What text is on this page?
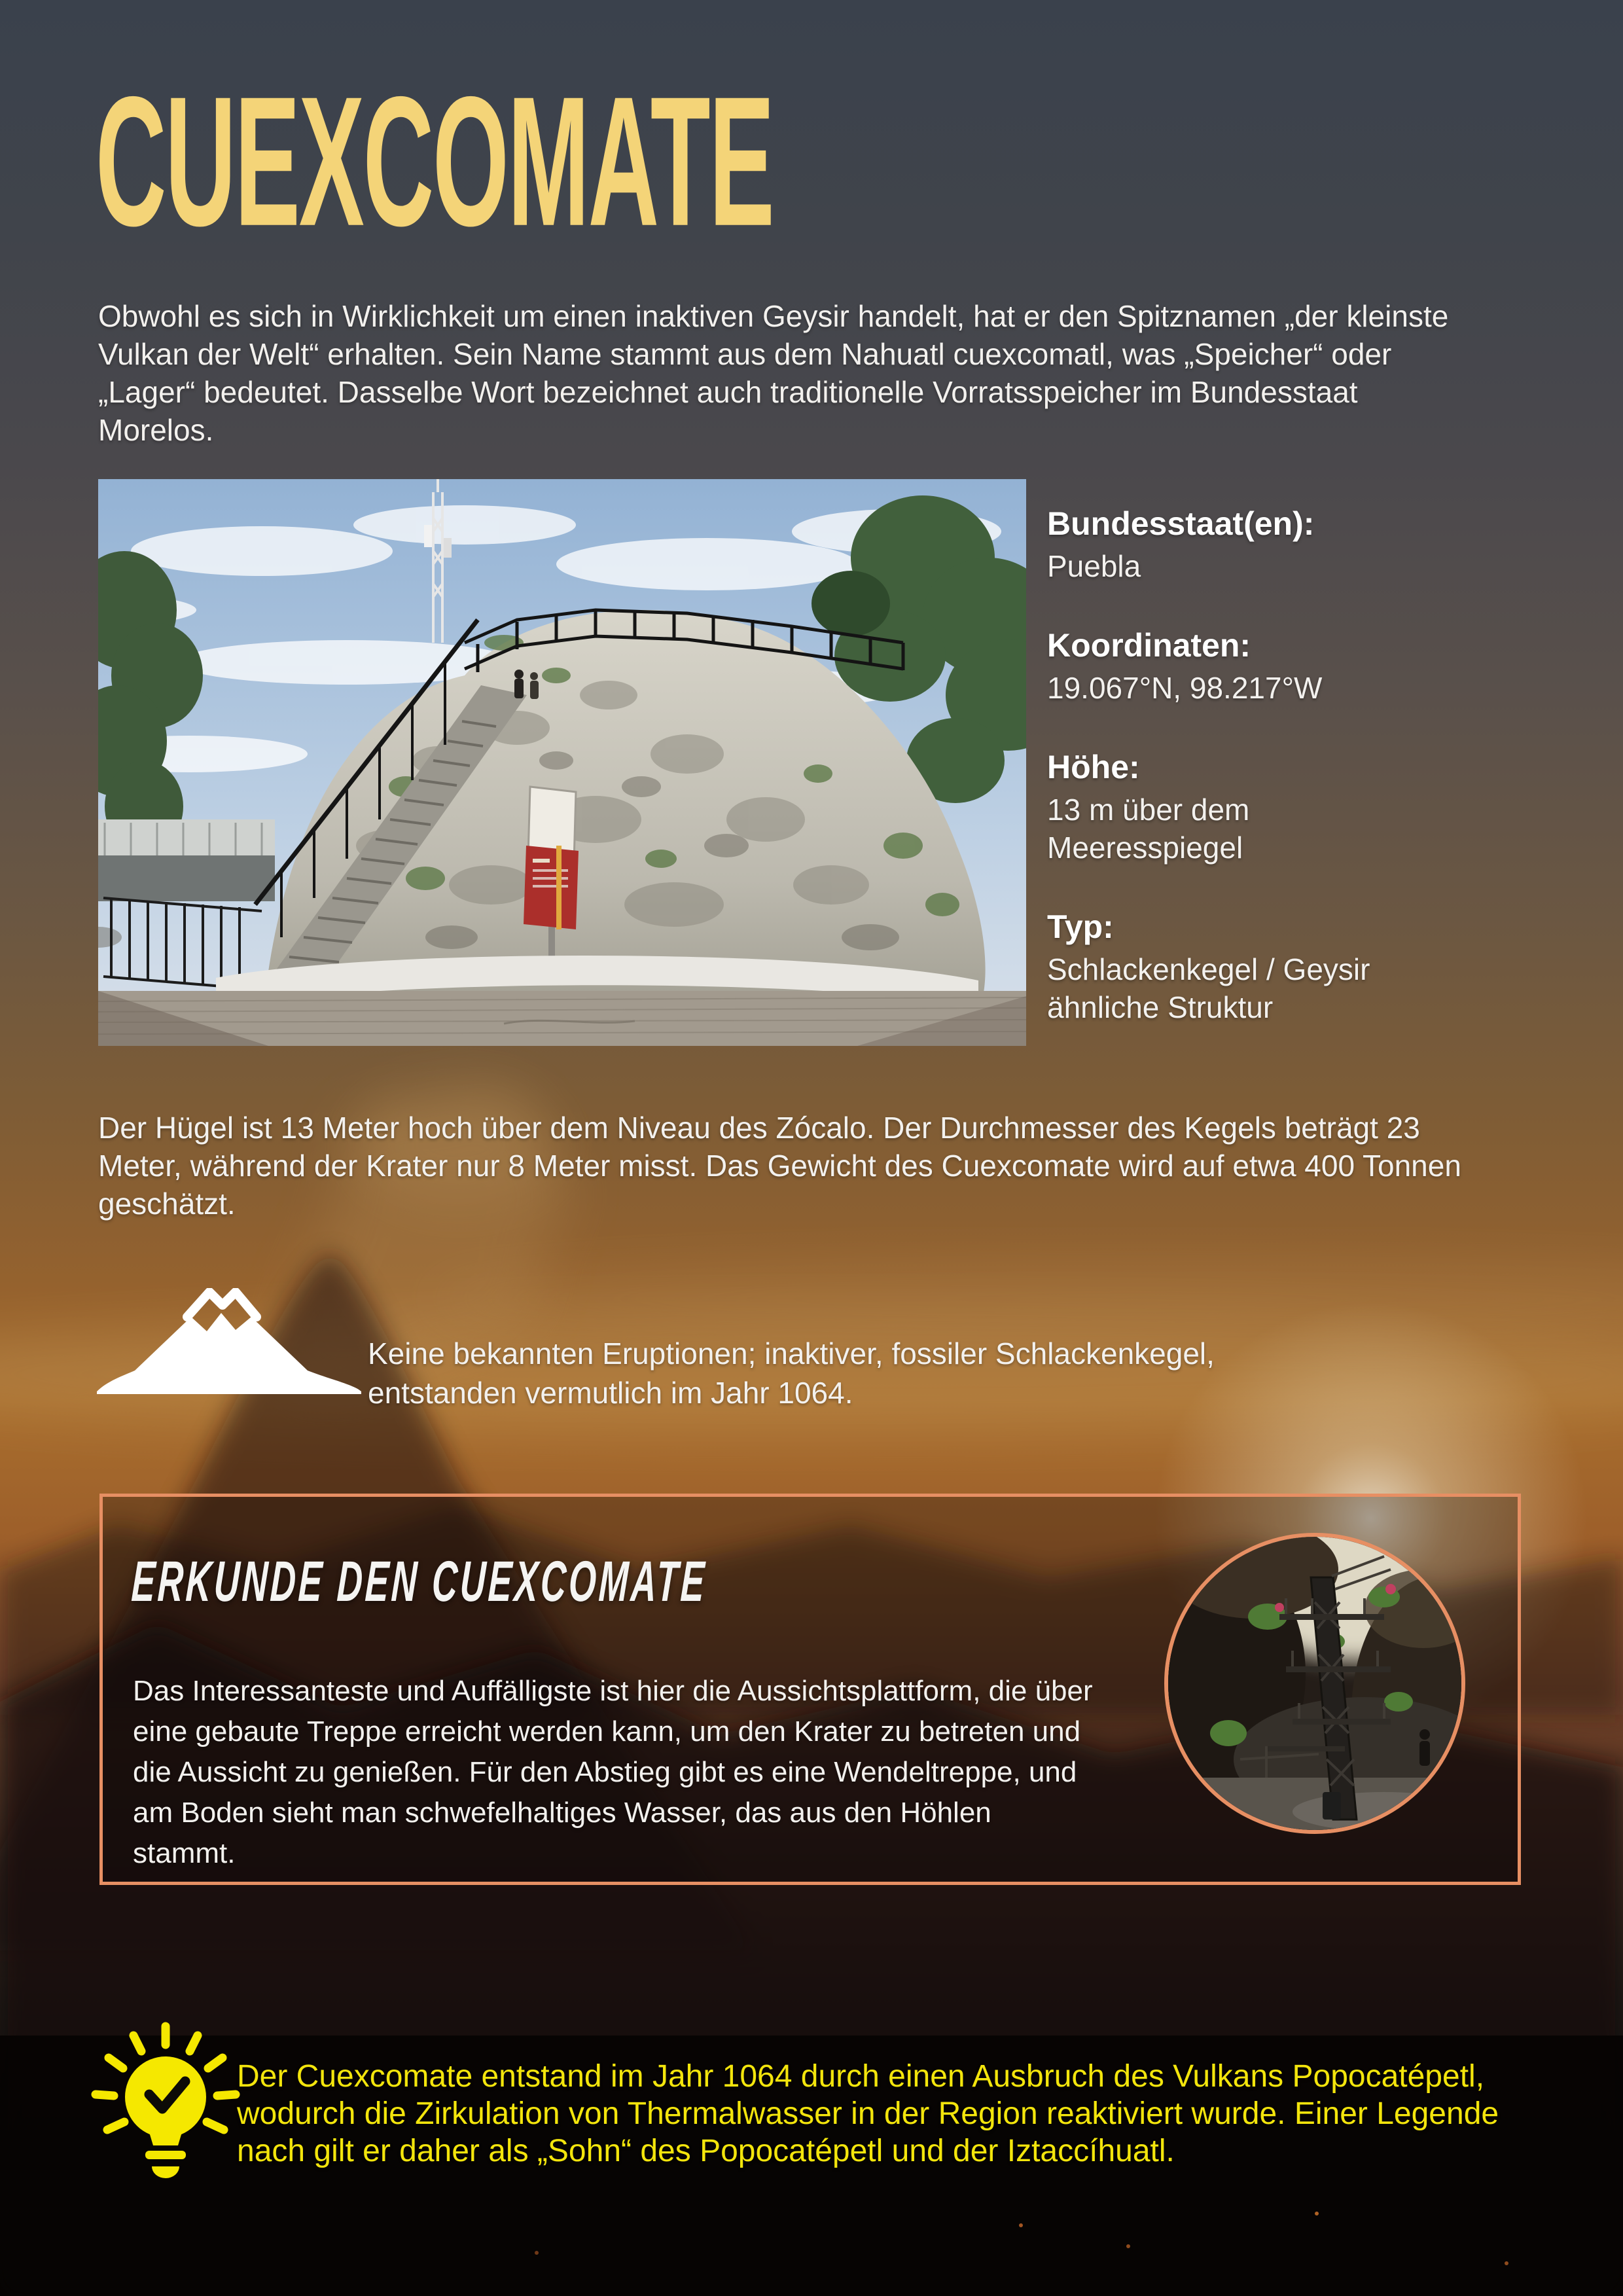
CUEXCOMATE

Obwohl es sich in Wirklichkeit um einen inaktiven Geysir handelt, hat er den Spitznamen „der kleinste Vulkan der Welt“ erhalten. Sein Name stammt aus dem Nahuatl cuexcomatl, was „Speicher“ oder „Lager“ bedeutet. Dasselbe Wort bezeichnet auch traditionelle Vorratsspeicher im Bundesstaat Morelos.

Bundesstaat(en):
Puebla
Koordinaten:
19.067°N, 98.217°W
Höhe:
13 m über dem Meeresspiegel
Typ:
Schlackenkegel / Geysir ähnliche Struktur

Der Hügel ist 13 Meter hoch über dem Niveau des Zócalo. Der Durchmesser des Kegels beträgt 23 Meter, während der Krater nur 8 Meter misst. Das Gewicht des Cuexcomate wird auf etwa 400 Tonnen geschätzt.

Keine bekannten Eruptionen; inaktiver, fossiler Schlackenkegel, entstanden vermutlich im Jahr 1064.

ERKUNDE DEN CUEXCOMATE

Das Interessanteste und Auffälligste ist hier die Aussichtsplattform, die über eine gebaute Treppe erreicht werden kann, um den Krater zu betreten und die Aussicht zu genießen. Für den Abstieg gibt es eine Wendeltreppe, und am Boden sieht man schwefelhaltiges Wasser, das aus den Höhlen stammt.

Der Cuexcomate entstand im Jahr 1064 durch einen Ausbruch des Vulkans Popocatépetl, wodurch die Zirkulation von Thermalwasser in der Region reaktiviert wurde. Einer Legende nach gilt er daher als „Sohn“ des Popocatépetl und der Iztaccíhuatl.
